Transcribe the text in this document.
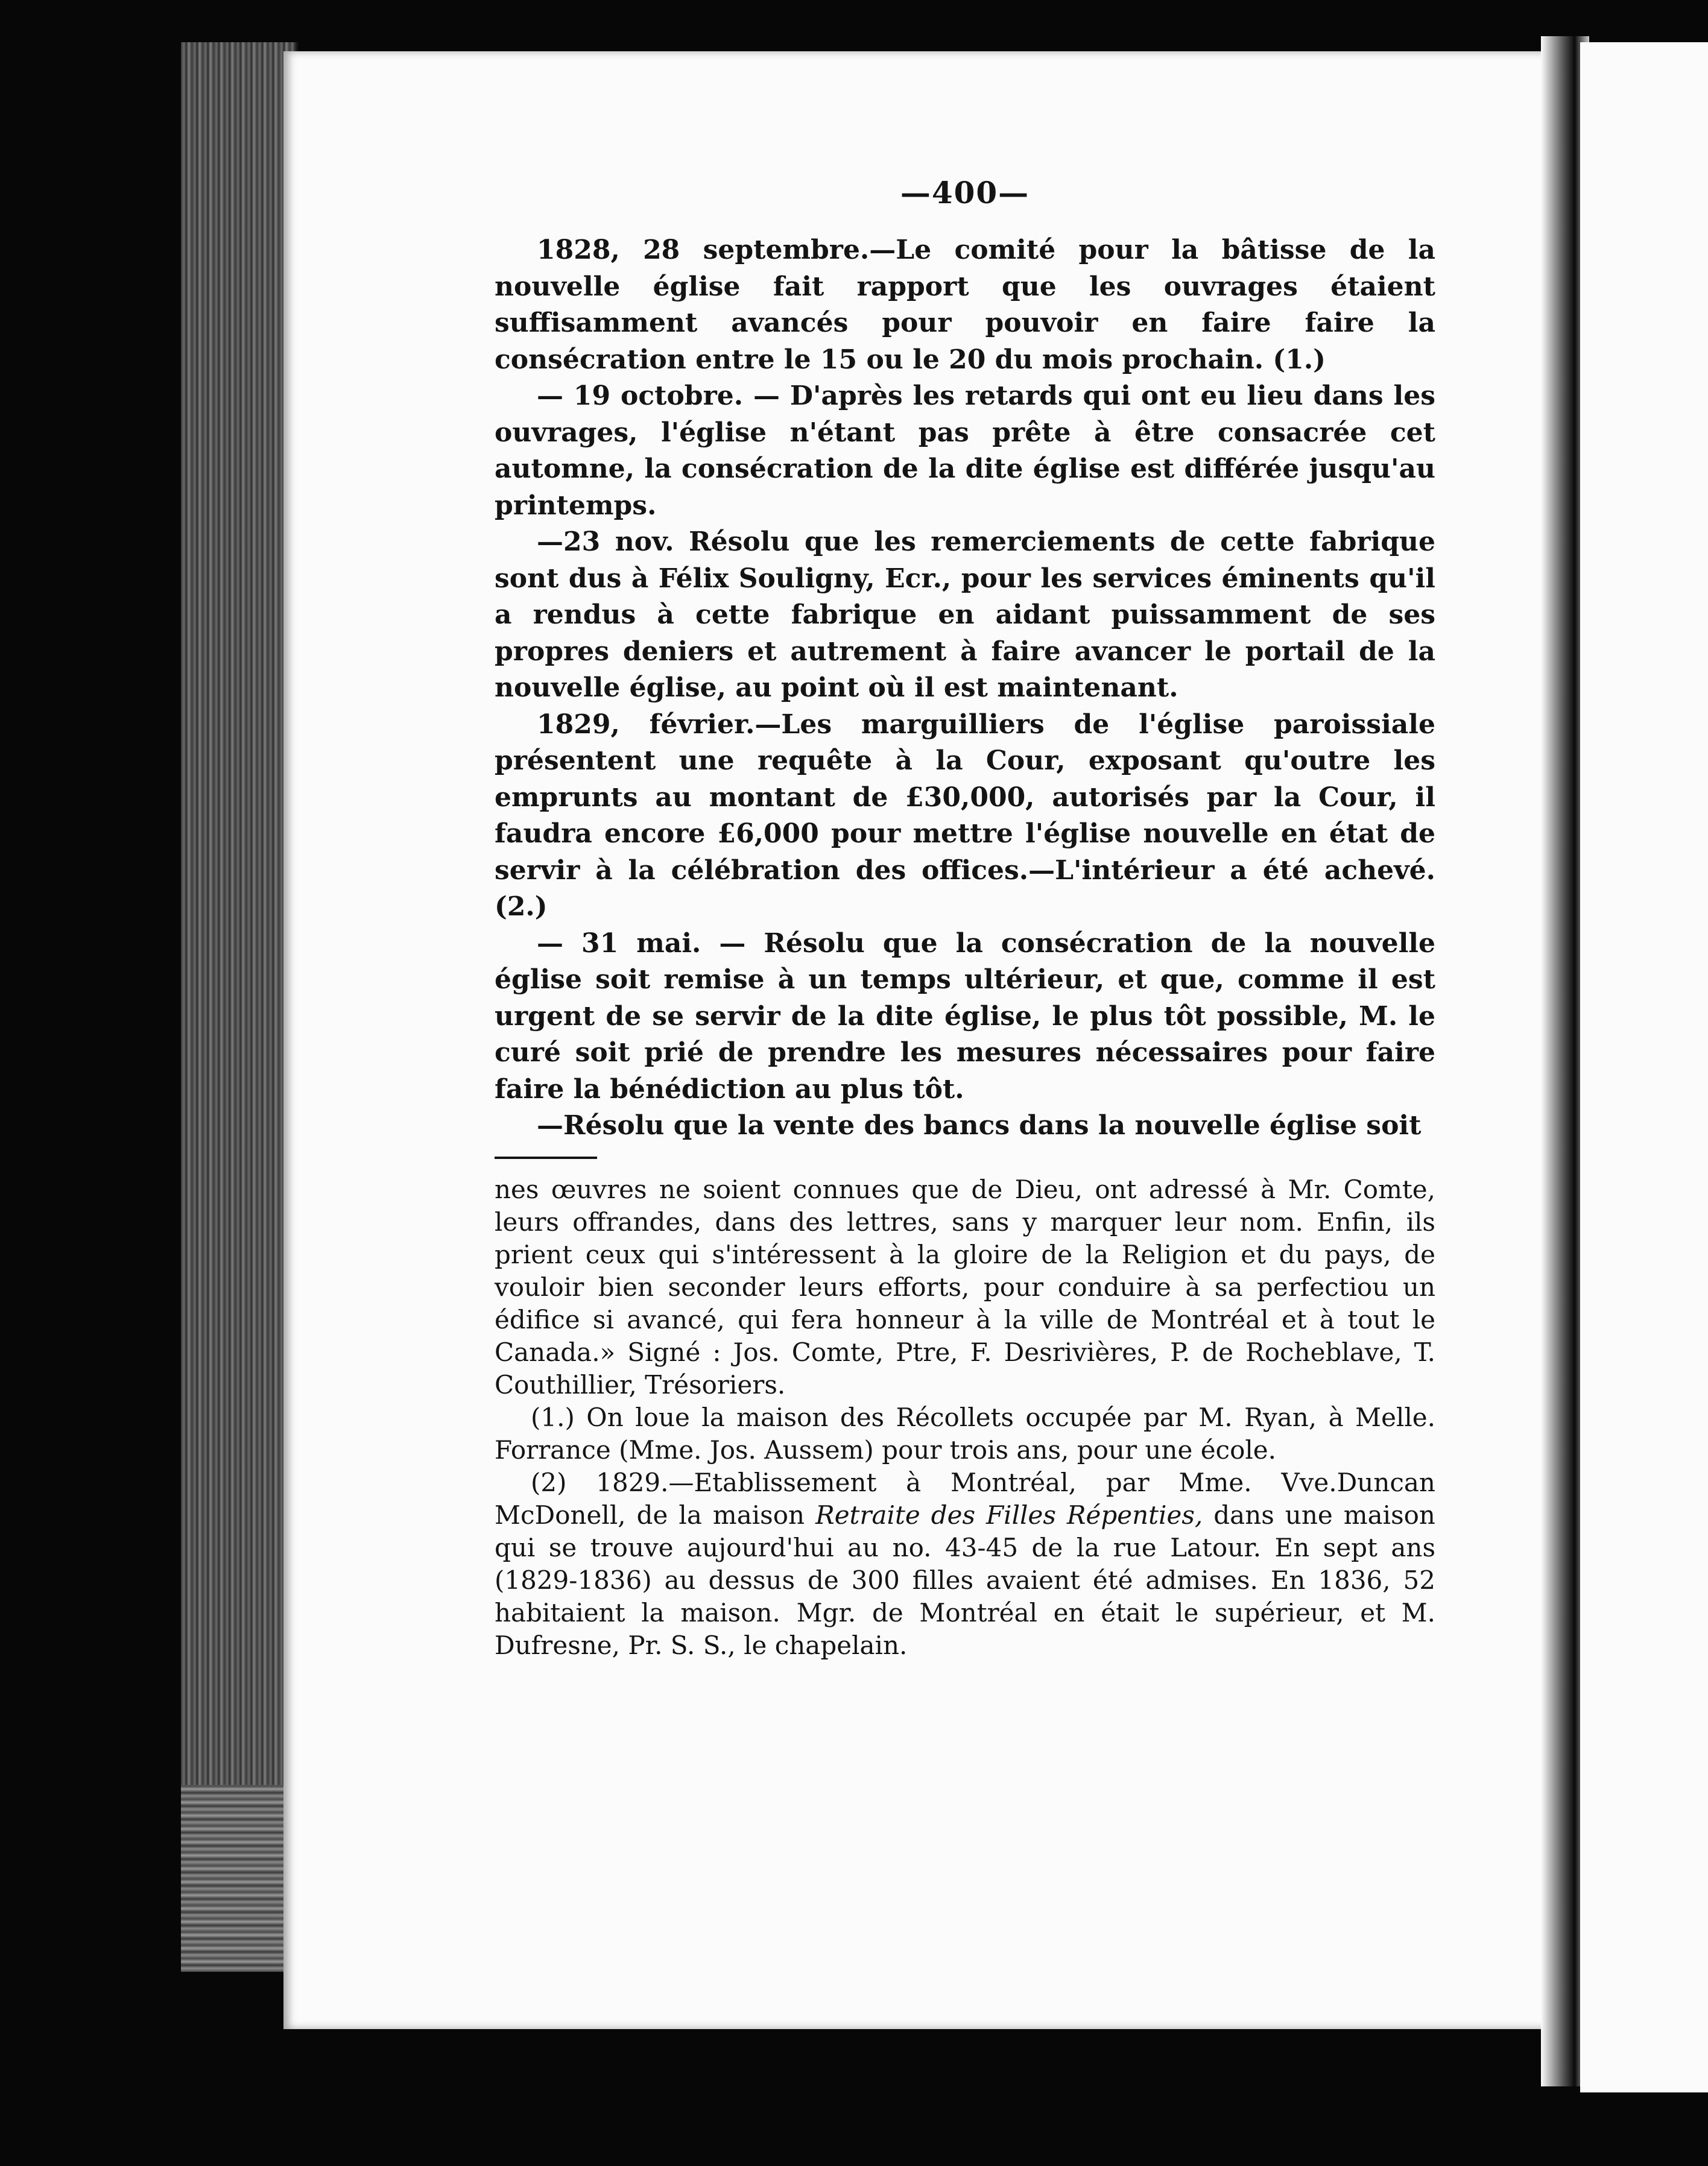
—400—

1828, 28 septembre.—Le comité pour la bâtisse de la nouvelle église fait rapport que les ouvrages étaient suffisamment avancés pour pouvoir en faire faire la consécration entre le 15 ou le 20 du mois prochain. (1.)

— 19 octobre. — D'après les retards qui ont eu lieu dans les ouvrages, l'église n'étant pas prête à être consacrée cet automne, la consécration de la dite église est différée jusqu'au printemps.

—23 nov. Résolu que les remerciements de cette fabrique sont dus à Félix Souligny, Ecr., pour les services éminents qu'il a rendus à cette fabrique en aidant puissamment de ses propres deniers et autrement à faire avancer le portail de la nouvelle église, au point où il est maintenant.

1829, février.—Les marguilliers de l'église paroissiale présentent une requête à la Cour, exposant qu'outre les emprunts au montant de £30,000, autorisés par la Cour, il faudra encore £6,000 pour mettre l'église nouvelle en état de servir à la célébration des offices.—L'intérieur a été achevé. (2.)

— 31 mai. — Résolu que la consécration de la nouvelle église soit remise à un temps ultérieur, et que, comme il est urgent de se servir de la dite église, le plus tôt possible, M. le curé soit prié de prendre les mesures nécessaires pour faire faire la bénédiction au plus tôt.

—Résolu que la vente des bancs dans la nouvelle église soit

nes œuvres ne soient connues que de Dieu, ont adressé à Mr. Comte, leurs offrandes, dans des lettres, sans y marquer leur nom. Enfin, ils prient ceux qui s'intéressent à la gloire de la Religion et du pays, de vouloir bien seconder leurs efforts, pour conduire à sa perfectiou un édifice si avancé, qui fera honneur à la ville de Montréal et à tout le Canada.» Signé : Jos. Comte, Ptre, F. Desrivières, P. de Rocheblave, T. Couthillier, Trésoriers.

(1.) On loue la maison des Récollets occupée par M. Ryan, à Melle. Forrance (Mme. Jos. Aussem) pour trois ans, pour une école.

(2) 1829.—Etablissement à Montréal, par Mme. Vve.Duncan McDonell, de la maison Retraite des Filles Répenties, dans une maison qui se trouve aujourd'hui au no. 43-45 de la rue Latour. En sept ans (1829-1836) au dessus de 300 filles avaient été admises. En 1836, 52 habitaient la maison. Mgr. de Montréal en était le supérieur, et M. Dufresne, Pr. S. S., le chapelain.
